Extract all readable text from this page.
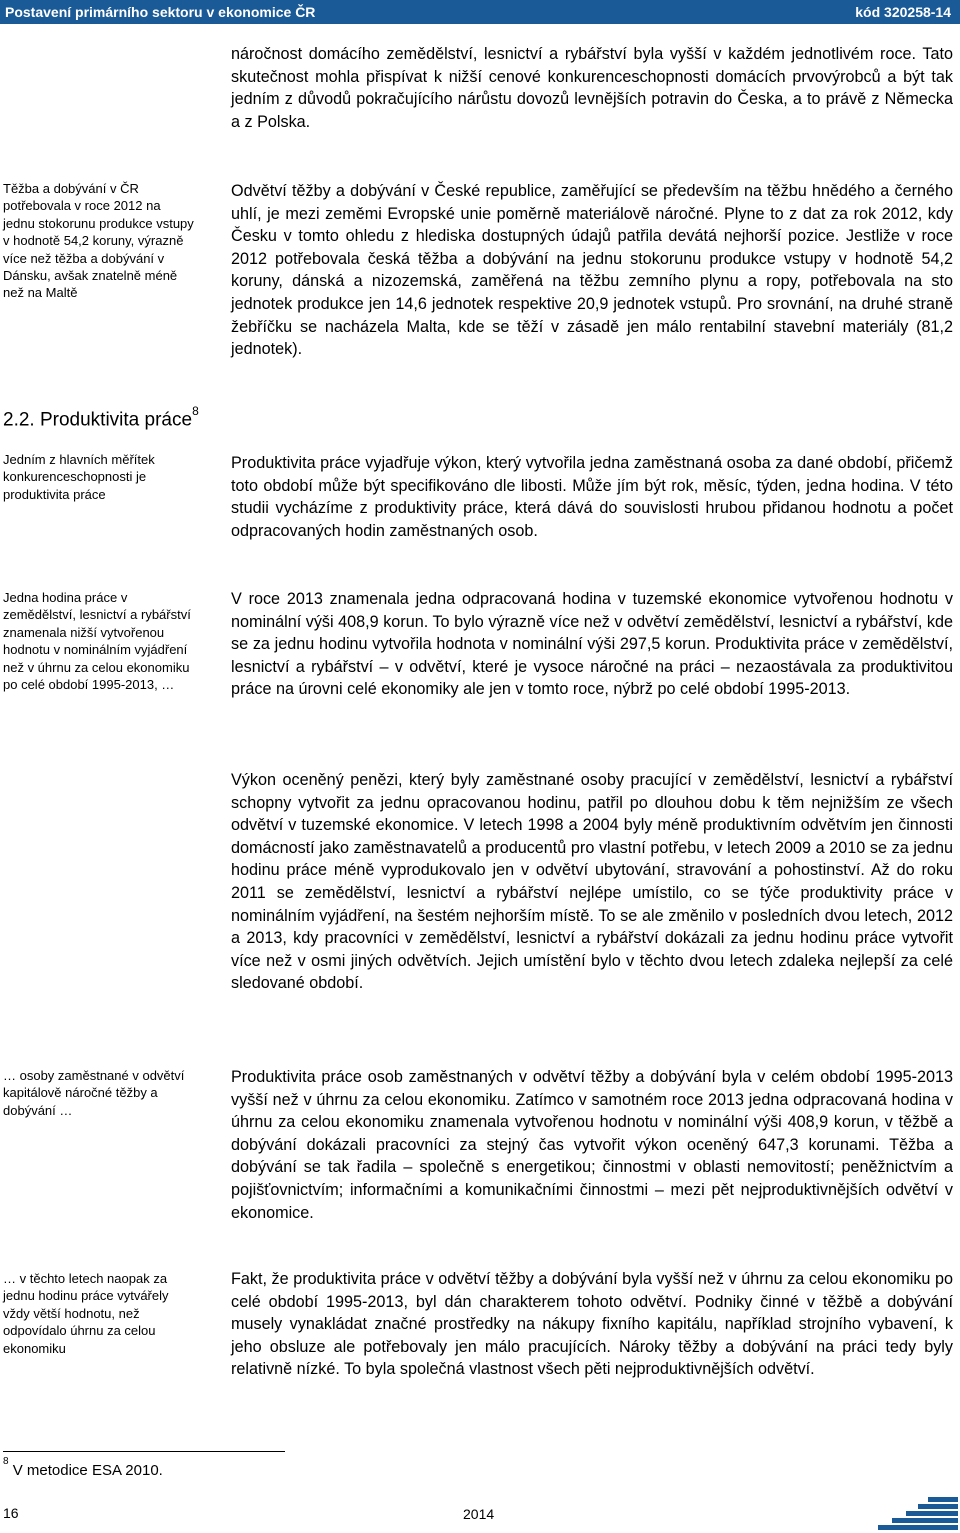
Postavení primárního sektoru v ekonomice ČR	kód 320258-14

náročnost domácího zemědělství, lesnictví a rybářství byla vyšší v každém jednotlivém roce. Tato skutečnost mohla přispívat k nižší cenové konkurenceschopnosti domácích prvovýrobců a být tak jedním z důvodů pokračujícího nárůstu dovozů levnějších potravin do Česka, a to právě z Německa a z Polska.

Těžba a dobývání v ČR potřebovala v roce 2012 na jednu stokorunu produkce vstupy v hodnotě 54,2 koruny, výrazně více než těžba a dobývání v Dánsku, avšak znatelně méně než na Maltě

Odvětví těžby a dobývání v České republice, zaměřující se především na těžbu hnědého a černého uhlí, je mezi zeměmi Evropské unie poměrně materiálově náročné. Plyne to z dat za rok 2012, kdy Česku v tomto ohledu z hlediska dostupných údajů patřila devátá nejhorší pozice. Jestliže v roce 2012 potřebovala česká těžba a dobývání na jednu stokorunu produkce vstupy v hodnotě 54,2 koruny, dánská a nizozemská, zaměřená na těžbu zemního plynu a ropy, potřebovala na sto jednotek produkce jen 14,6 jednotek respektive 20,9 jednotek vstupů. Pro srovnání, na druhé straně žebříčku se nacházela Malta, kde se těží v zásadě jen málo rentabilní stavební materiály (81,2 jednotek).

2.2. Produktivita práce$^8$

Jedním z hlavních měřítek konkurenceschopnosti je produktivita práce

Produktivita práce vyjadřuje výkon, který vytvořila jedna zaměstnaná osoba za dané období, přičemž toto období může být specifikováno dle libosti. Může jím být rok, měsíc, týden, jedna hodina. V této studii vycházíme z produktivity práce, která dává do souvislosti hrubou přidanou hodnotu a počet odpracovaných hodin zaměstnaných osob.

Jedna hodina práce v zemědělství, lesnictví a rybářství znamenala nižší vytvořenou hodnotu v nominálním vyjádření než v úhrnu za celou ekonomiku po celé období 1995-2013, …

V roce 2013 znamenala jedna odpracovaná hodina v tuzemské ekonomice vytvořenou hodnotu v nominální výši 408,9 korun. To bylo výrazně více než v odvětví zemědělství, lesnictví a rybářství, kde se za jednu hodinu vytvořila hodnota v nominální výši 297,5 korun. Produktivita práce v zemědělství, lesnictví a rybářství – v odvětví, které je vysoce náročné na práci – nezaostávala za produktivitou práce na úrovni celé ekonomiky ale jen v tomto roce, nýbrž po celé období 1995-2013.

Výkon oceněný penězi, který byly zaměstnané osoby pracující v zemědělství, lesnictví a rybářství schopny vytvořit za jednu opracovanou hodinu, patřil po dlouhou dobu k těm nejnižším ze všech odvětví v tuzemské ekonomice. V letech 1998 a 2004 byly méně produktivním odvětvím jen činnosti domácností jako zaměstnavatelů a producentů pro vlastní potřebu, v letech 2009 a 2010 se za jednu hodinu práce méně vyprodukovalo jen v odvětví ubytování, stravování a pohostinství. Až do roku 2011 se zemědělství, lesnictví a rybářství nejlépe umístilo, co se týče produktivity práce v nominálním vyjádření, na šestém nejhorším místě. To se ale změnilo v posledních dvou letech, 2012 a 2013, kdy pracovníci v zemědělství, lesnictví a rybářství dokázali za jednu hodinu práce vytvořit více než v osmi jiných odvětvích. Jejich umístění bylo v těchto dvou letech zdaleka nejlepší za celé sledované období.

… osoby zaměstnané v odvětví kapitálově náročné těžby a dobývání …

Produktivita práce osob zaměstnaných v odvětví těžby a dobývání byla v celém období 1995-2013 vyšší než v úhrnu za celou ekonomiku. Zatímco v samotném roce 2013 jedna odpracovaná hodina v úhrnu za celou ekonomiku znamenala vytvořenou hodnotu v nominální výši 408,9 korun, v těžbě a dobývání dokázali pracovníci za stejný čas vytvořit výkon oceněný 647,3 korunami. Těžba a dobývání se tak řadila – společně s energetikou; činnostmi v oblasti nemovitostí; peněžnictvím a pojišťovnictvím; informačními a komunikačními činnostmi – mezi pět nejproduktivnějších odvětví v ekonomice.

… v těchto letech naopak za jednu hodinu práce vytvářely vždy větší hodnotu, než odpovídalo úhrnu za celou ekonomiku

Fakt, že produktivita práce v odvětví těžby a dobývání byla vyšší než v úhrnu za celou ekonomiku po celé období 1995-2013, byl dán charakterem tohoto odvětví. Podniky činné v těžbě a dobývání musely vynakládat značné prostředky na nákupy fixního kapitálu, například strojního vybavení, k jeho obsluze ale potřebovaly jen málo pracujících. Nároky těžby a dobývání na práci tedy byly relativně nízké. To byla společná vlastnost všech pěti nejproduktivnějších odvětví.

$^8$ V metodice ESA 2010.
16	2014
